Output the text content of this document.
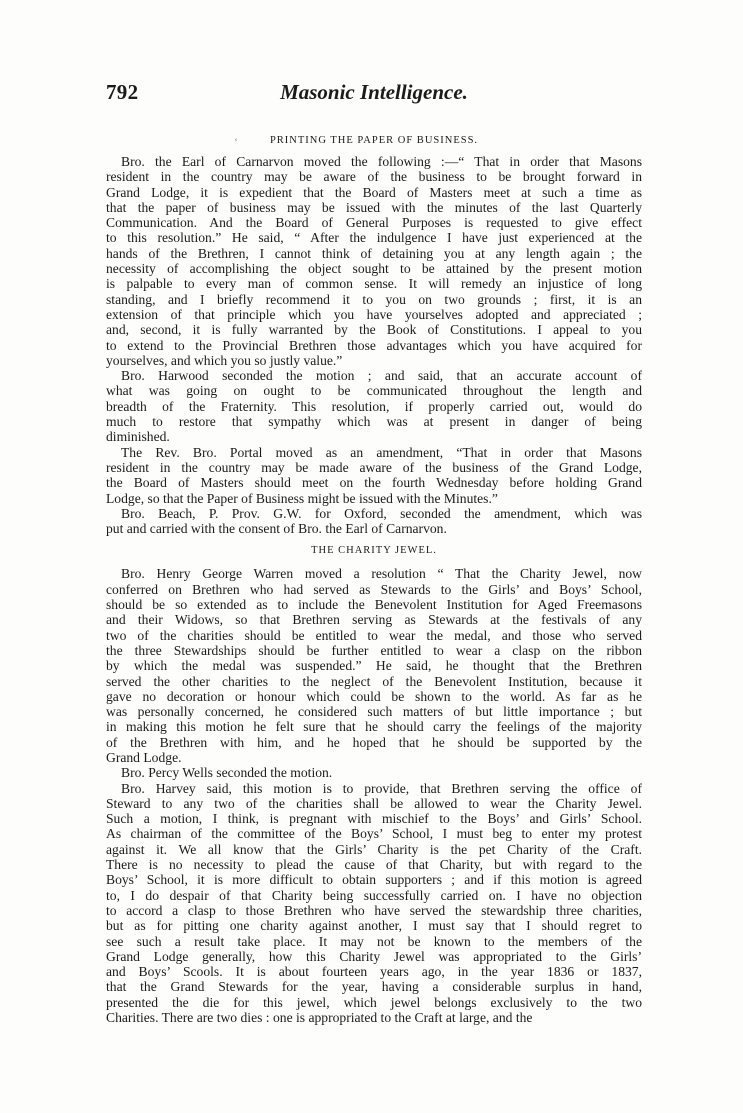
792	Masonic Intelligence.
ʿ	PRINTING THE PAPER OF BUSINESS.
Bro. the Earl of Carnarvon moved the following :—“ That in order that Masons
resident in the country may be aware of the business to be brought forward in
Grand Lodge, it is expedient that the Board of Masters meet at such a time as
that the paper of business may be issued with the minutes of the last Quarterly
Communication. And the Board of General Purposes is requested to give effect
to this resolution.” He said, “ After the indulgence I have just experienced at the
hands of the Brethren, I cannot think of detaining you at any length again ; the
necessity of accomplishing the object sought to be attained by the present motion
is palpable to every man of common sense. It will remedy an injustice of long
standing, and I briefly recommend it to you on two grounds ; first, it is an
extension of that principle which you have yourselves adopted and appreciated ;
and, second, it is fully warranted by the Book of Constitutions. I appeal to you
to extend to the Provincial Brethren those advantages which you have acquired for
yourselves, and which you so justly value.”
Bro. Harwood seconded the motion ; and said, that an accurate account of
what was going on ought to be communicated throughout the length and
breadth of the Fraternity. This resolution, if properly carried out, would do
much to restore that sympathy which was at present in danger of being
diminished.
The Rev. Bro. Portal moved as an amendment, “That in order that Masons
resident in the country may be made aware of the business of the Grand Lodge,
the Board of Masters should meet on the fourth Wednesday before holding Grand
Lodge, so that the Paper of Business might be issued with the Minutes.”
Bro. Beach, P. Prov. G.W. for Oxford, seconded the amendment, which was
put and carried with the consent of Bro. the Earl of Carnarvon.
THE CHARITY JEWEL.
Bro. Henry George Warren moved a resolution “ That the Charity Jewel, now
conferred on Brethren who had served as Stewards to the Girls’ and Boys’ School,
should be so extended as to include the Benevolent Institution for Aged Freemasons
and their Widows, so that Brethren serving as Stewards at the festivals of any
two of the charities should be entitled to wear the medal, and those who served
the three Stewardships should be further entitled to wear a clasp on the ribbon
by which the medal was suspended.” He said, he thought that the Brethren
served the other charities to the neglect of the Benevolent Institution, because it
gave no decoration or honour which could be shown to the world. As far as he
was personally concerned, he considered such matters of but little importance ; but
in making this motion he felt sure that he should carry the feelings of the majority
of the Brethren with him, and he hoped that he should be supported by the
Grand Lodge.
Bro. Percy Wells seconded the motion.
Bro. Harvey said, this motion is to provide, that Brethren serving the office of
Steward to any two of the charities shall be allowed to wear the Charity Jewel.
Such a motion, I think, is pregnant with mischief to the Boys’ and Girls’ School.
As chairman of the committee of the Boys’ School, I must beg to enter my protest
against it. We all know that the Girls’ Charity is the pet Charity of the Craft.
There is no necessity to plead the cause of that Charity, but with regard to the
Boys’ School, it is more difficult to obtain supporters ; and if this motion is agreed
to, I do despair of that Charity being successfully carried on. I have no objection
to accord a clasp to those Brethren who have served the stewardship three charities,
but as for pitting one charity against another, I must say that I should regret to
see such a result take place. It may not be known to the members of the
Grand Lodge generally, how this Charity Jewel was appropriated to the Girls’
and Boys’ Scools. It is about fourteen years ago, in the year 1836 or 1837,
that the Grand Stewards for the year, having a considerable surplus in hand,
presented the die for this jewel, which jewel belongs exclusively to the two
Charities. There are two dies : one is appropriated to the Craft at large, and the
